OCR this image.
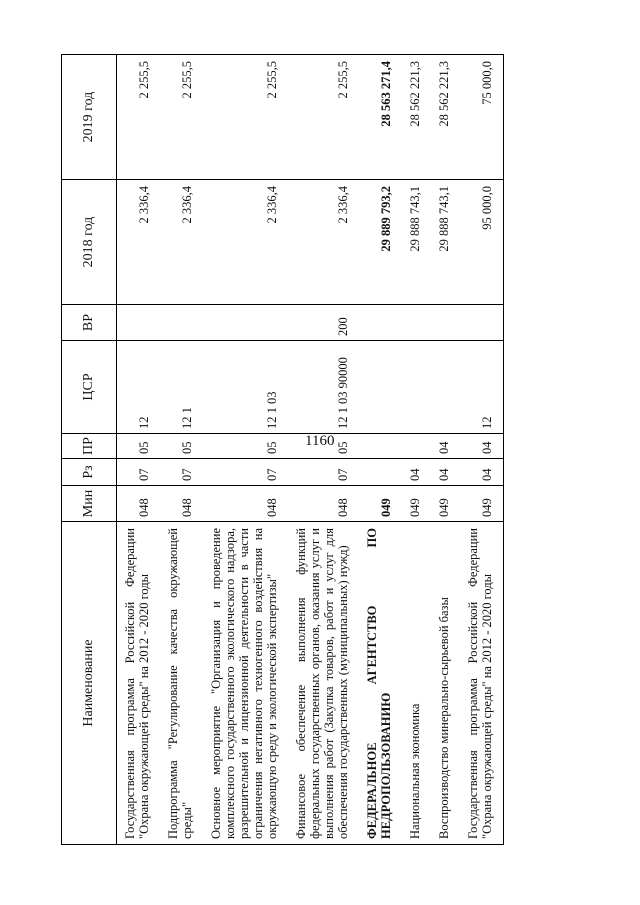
1160
Наименование	Мин	Рз	ПР	ЦСР	ВР	2018 год	2019 год
Государственная программа Российской Федерации "Охрана окружающей среды" на 2012 - 2020 годы	048	07	05	12		2 336,4	2 255,5
Подпрограмма "Регулирование качества окружающей среды"	048	07	05	12 1		2 336,4	2 255,5
Основное мероприятие "Организация и проведение комплексного государственного экологического надзора, разрешительной и лицензионной деятельности в части ограничения негативного техногенного воздействия на окружающую среду и экологической экспертизы"	048	07	05	12 1 03		2 336,4	2 255,5
Финансовое обеспечение выполнения функций федеральных государственных органов, оказания услуг и выполнения работ (Закупка товаров, работ и услуг для обеспечения государственных (муниципальных) нужд)	048	07	05	12 1 03 90000	200	2 336,4	2 255,5
ФЕДЕРАЛЬНОЕ АГЕНТСТВО ПО НЕДРОПОЛЬЗОВАНИЮ	049					29 889 793,2	28 563 271,4
Национальная экономика	049	04				29 888 743,1	28 562 221,3
Воспроизводство минерально-сырьевой базы	049	04	04			29 888 743,1	28 562 221,3
Государственная программа Российской Федерации "Охрана окружающей среды" на 2012 - 2020 годы	049	04	04	12		95 000,0	75 000,0
